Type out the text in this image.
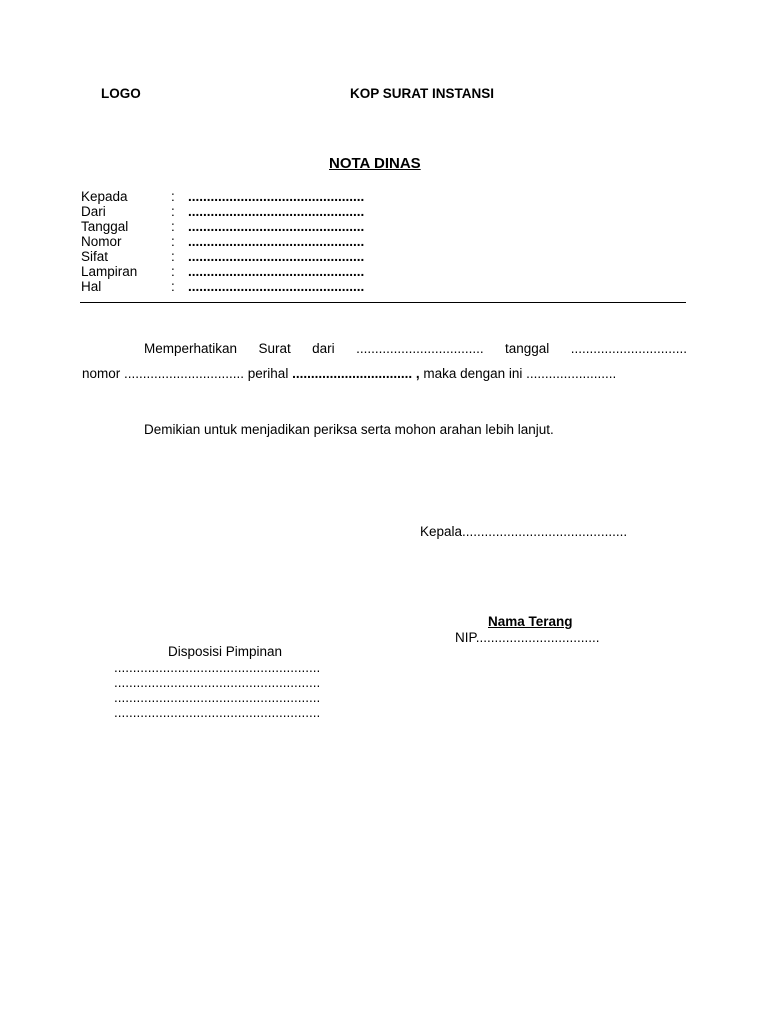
LOGO	KOP SURAT INSTANSI
NOTA DINAS
Kepada	: ...............................................
Dari	: ...............................................
Tanggal	: ...............................................
Nomor	: ...............................................
Sifat	: ...............................................
Lampiran : ...............................................
Hal	: ...............................................
Memperhatikan Surat dari .................................. tanggal ...............................
nomor ................................ perihal ................................ , maka dengan ini ........................
Demikian untuk menjadikan periksa serta mohon arahan lebih lanjut.
Kepala............................................
Nama Terang
NIP.................................
Disposisi Pimpinan
.......................................................
.......................................................
.......................................................
.......................................................
